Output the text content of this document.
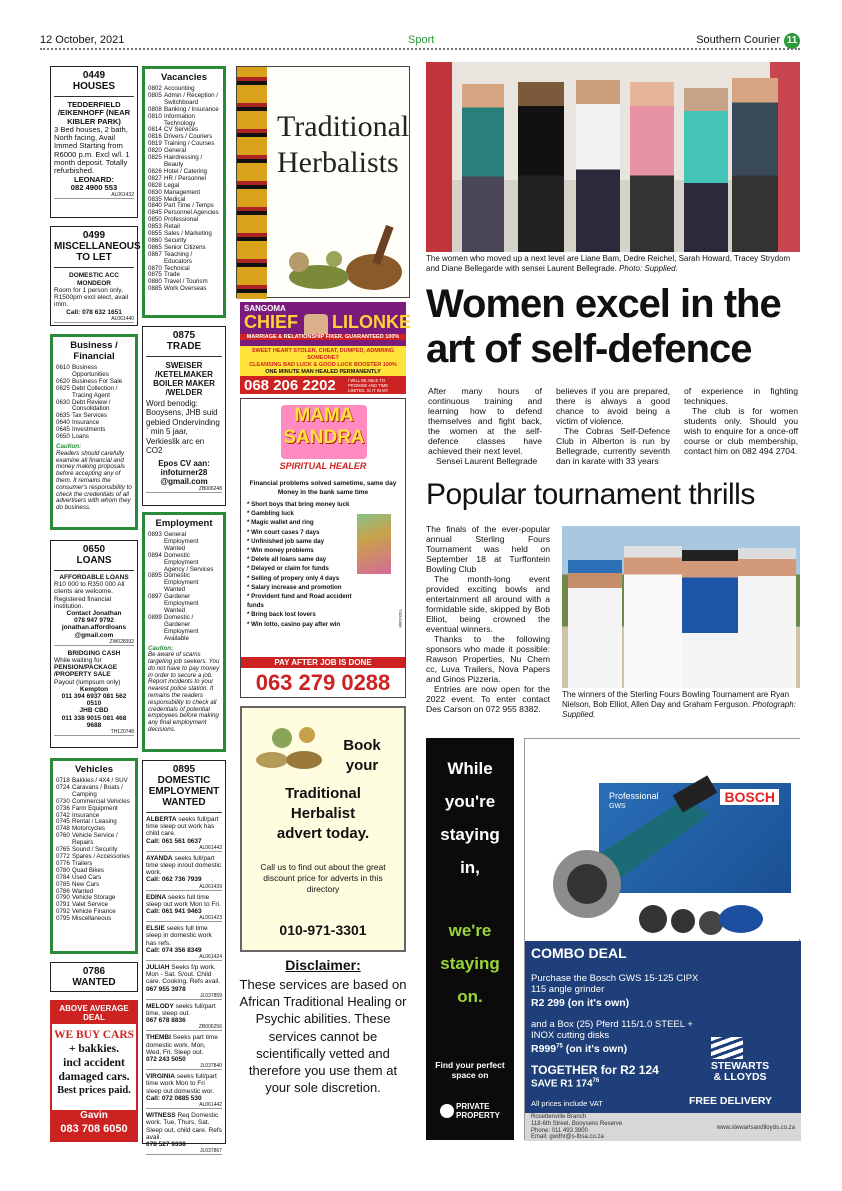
12 October, 2021	Sport	Southern Courier 11
0449
HOUSES
TEDDERFIELD /EIKENHOFF (NEAR KIBLER PARK)
3 Bed houses, 2 bath, North facing, Avail Immed Starting from R6000 p.m. Excl w/l. 1 month deposit. Totally refurbished.
LEONARD:
082 4900 553
AL061432
0499
MISCELLANEOUS TO LET
DOMESTIC ACC MONDEOR
Room for 1 person only, R1500pm excl elect, avail imm.
Call: 078 632 1651
AL061440
Business / Financial
0610 Business Opportunities
0620 Business For Sale
0625 Debt Collection / Tracing Agent
0630 Debt Review / Consolidation
0635 Tax Services
0640 Insurance
0645 Investments
0650 Loans
Caution:
Readers should carefully examine all financial and money making proposals before accepting any of them. It remains the consumer's responsibility to check the credentials of all advertisers with whom they do business.
0650
LOANS
AFFORDABLE LOANS
R10 000 to R350 000 All clients are welcome. Registered financial institution.
Contact Jonathan
078 947 9792
jonathan.affordloans @gmail.com
ZW028392
BRIDGING CASH
While waiting for
PENSION/PACKAGE /PROPERTY SALE
Payout (lumpsum only)
Kempton
011 394 6937 081 562 0510
JHB CBD
011 338 9015 081 468 9688
TH120748
Vehicles
0718 Bakkies / 4X4 / SUV
0724 Caravans / Boats / Camping
0730 Commercial Vehicles
0736 Farm Equipment
0742 Insurance
0745 Rental / Leasing
0748 Motorcycles
0760 Vehicle Service / Repairs
0765 Sound / Security
0772 Spares / Accessories
0776 Trailers
0780 Quad Bikes
0784 Used Cars
0785 New Cars
0786 Wanted
0790 Vehicle Storage
0791 Valet Service
0792 Vehicle Finance
0795 Miscellaneous
0786
WANTED
ABOVE AVERAGE DEAL
WE BUY CARS
+ bakkies.
incl accident
damaged cars.
Best prices paid.
Gavin
083 708 6050
Vacancies
0802 Accounting
0805 Admin / Reception / Switchboard
0808 Banking / Insurance
0810 Information Technology
0814 CV Services
0816 Drivers / Couriers
0819 Training / Courses
0820 General
0825 Hairdressing / Beauty
0826 Hotel / Catering
0827 HR / Personnel
0828 Legal
0830 Management
0835 Medical
0840 Part Time / Temps
0845 Personnel Agencies
0850 Professional
0853 Retail
0855 Sales / Marketing
0860 Security
0865 Senior Citizens
0867 Teaching / Educators
0870 Technical
0875 Trade
0880 Travel / Tourism
0885 Work Overseas
0875
TRADE
SWEISER /KETELMAKER BOILER MAKER /WELDER
Word benodig: Booysens, JHB suid gebied Ondervinding ` min 5 jaar, Verkieslik arc en CO2
Epos CV aan:
infoturner28 @gmail.com
ZB006248
Employment
0893 General Employment Wanted
0894 Domestic Employment Agency / Services
0895 Domestic Employment Wanted
0897 Gardener Employment Wanted
0899 Domestic / Gardener Employment Available
Caution:
Be aware of scams targeting job seekers. You do not have to pay money in order to secure a job. Report incidents to your nearest police station. It remains the readers responsibility to check all credentials of potential employees before making any final employment decisions.
0895
DOMESTIC EMPLOYMENT WANTED
ALBERTA seeks full/part time sleep out work has child care.
Call: 061 561 0637
AL061443
AYANDA seeks full/part time sleep in/out domestic work.
Call: 062 736 7939
AL061439
EDINA seeks full time sleep out work Mon to Fri.
Call: 061 941 9463
AL061423
ELSIE seeks full time sleep in domestic work has refs.
Call: 074 356 8349
AL061424
JULIAH Seeks f/p work. Mon - Sat. S/out. Child care. Cooking. Refs avail.
067 955 3978
JL037859
MELODY seeks full/part time, sleep out.
067 678 8836
ZB006256
THEMBI Seeks part time domestic work. Mon, Wed, Fri. Sleep out.
072 243 5050
JL037840
VIRGINIA seeks full/part time work Mon to Fri sleep out domestic wor.
Call: 072 0885 530
AL061442
WITNESS Req Domestic work. Tue, Thurs, Sat. Sleep out, child care. Refs avail.
078 527 9338
JL037867
Traditional Herbalists
SANGOMA
CHIEF LILONKE
MARRIAGE & RELATIONSHIP FIXER. GUARANTEED 100%
SWEET HEART STOLEN, CHEAT, DUMPED, ADMIRING SOMEONE?
CLEANSING BAD LUCK & GOOD LUCK BOOSTER 100%
ONE MINUTE MAN HEALED PERMANENTLY
068 206 2202	I WILL BE ABLE TO PROMISE AND TIME LIMITED. IS IT IN MY POWER?
MAMA
SANDRA
SPIRITUAL HEALER
Financial problems solved sametime, same day
Money in the bank same time
* Short boys that bring money luck
* Gambling luck
* Magic wallet and ring
* Win court cases 7 days
* Unfinished job same day
* Win money problems
* Delete all loans same day
* Delayed or claim for funds
* Selling of propery only 4 days
* Salary increase and promotion
* Provident fund and Road accident funds
* Bring back lost lovers
* Win lotto, casino pay after win
PAY AFTER JOB IS DONE
063 279 0288
TS003468
Book
your
Traditional
Herbalist
advert today.
Call us to find out about the great discount price for adverts in this directory
010-971-3301
Disclaimer:
These services are based on African Traditional Healing or Psychic abilities. These services cannot be scientifically vetted and therefore you use them at your sole discretion.
The women who moved up a next level are Liane Bam, Dedre Reichel, Sarah Howard, Tracey Strydom and Diane Bellegarde with sensei Laurent Bellegrade. Photo: Supplied.
Women excel in the art of self-defence
After many hours of continuous training and learning how to defend themselves and fight back, the women at the self-defence classes have achieved their next level.
Sensei Laurent Bellegrade
believes if you are prepared, there is always a good chance to avoid being a victim of violence.
The Cobras Self-Defence Club in Alberton is run by Bellegrade, currently seventh dan in karate with 33 years
of experience in fighting techniques.
The club is for women students only. Should you wish to enquire for a once-off course or club membership, contact him on 082 494 2704.
Popular tournament thrills
The finals of the ever-popular annual Sterling Fours Tournament was held on September 18 at Turffontein Bowling Club
The month-long event provided exciting bowls and entertainment all around with a formidable side, skipped by Bob Elliot, being crowned the eventual winners.
Thanks to the following sponsors who made it possible: Rawson Properties, Nu Chem cc, Luva Trailers, Nova Papers and Ginos Pizzeria.
Entries are now open for the 2022 event. To enter contact Des Carson on 072 955 8382.
The winners of the Sterling Fours Bowling Tournament are Ryan Nielson, Bob Elliot, Allen Day and Graham Ferguson. Photograph: Supplied.
While
you're
staying
in,
we're
staying
on.
Find your perfect space on
PRIVATE
PROPERTY
Professional
GWS
BOSCH
COMBO DEAL
Purchase the Bosch GWS 15-125 CIPX 115 angle grinder
R2 299 (on it's own)
and a Box (25) Pferd 115/1.0 STEEL + INOX cutting disks
$R999^{75}$ (on it's own)
TOGETHER for R2 124
SAVE R1 $174^{76}$
All prices include VAT
STEWARTS
& LLOYDS
FREE DELIVERY
Rosettenville Branch
118-6th Street, Booysens Reserve
Phone: 011 493 3900
Email: gwdhr@s-lbsa.co.za
www.stewartsandlloyds.co.za
